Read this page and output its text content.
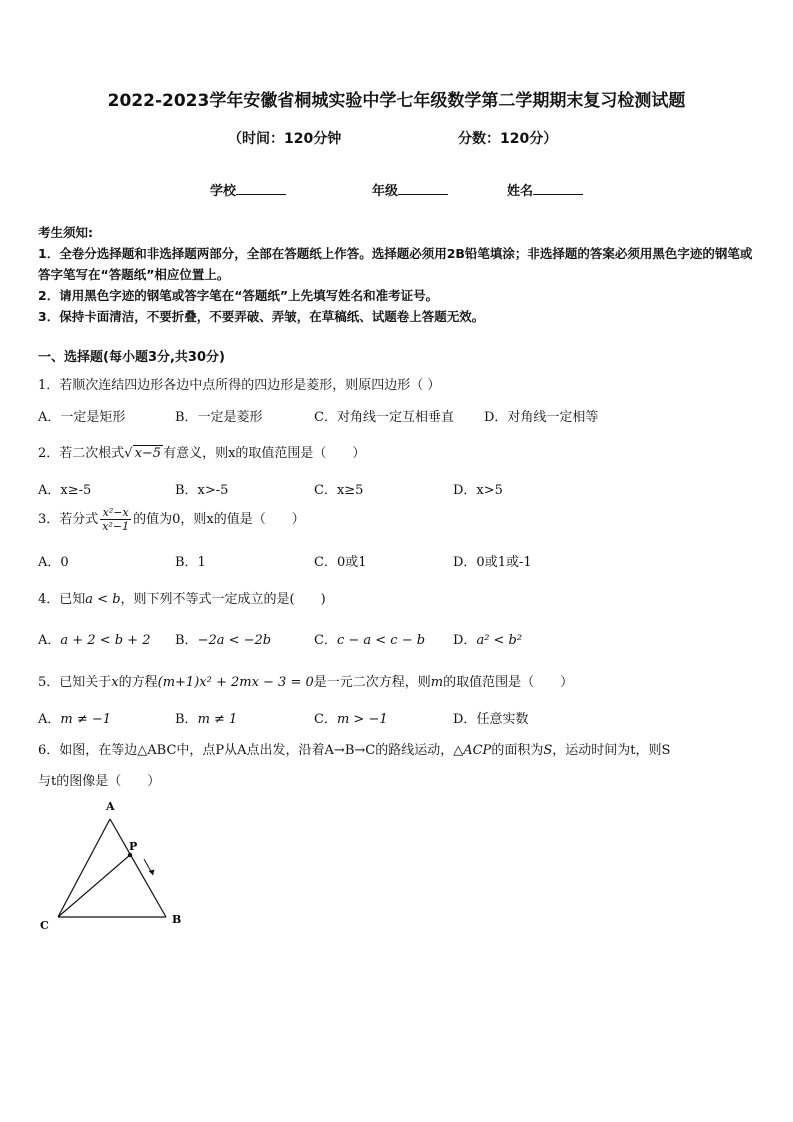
2022-2023学年安徽省桐城实验中学七年级数学第二学期期末复习检测试题
（时间：120分钟	分数：120分）
学校	年级	姓名
考生须知:
1．全卷分选择题和非选择题两部分，全部在答题纸上作答。选择题必须用2B铅笔填涂；非选择题的答案必须用黑色字迹的钢笔或答字笔写在“答题纸”相应位置上。
2．请用黑色字迹的钢笔或答字笔在“答题纸”上先填写姓名和准考证号。
3．保持卡面清洁，不要折叠，不要弄破、弄皱，在草稿纸、试题卷上答题无效。
一、选择题(每小题3分,共30分)
1．若顺次连结四边形各边中点所得的四边形是菱形，则原四边形（ ）
A．一定是矩形	B．一定是菱形	C．对角线一定互相垂直 D．对角线一定相等
2．若二次根式√ x−5 有意义，则x的取值范围是（　　）
A．x≥-5	B．x>-5	C．x≥5	D．x>5
3．若分式 $\frac{\text{x²−x}}{\text{x²−1}}$ 的值为0，则x的值是（　　）
A．0	B．1	C．0或1	D．0或1或-1
4．已知a < b，则下列不等式一定成立的是(　　)
A．a + 2 < b + 2 B．−2a < −2b	C．c − a < c − b D．a² < b²
5．已知关于x的方程(m+1)x² + 2mx − 3 = 0是一元二次方程，则m的取值范围是（　　）
A．m ≠ −1	B．m ≠ 1	C．m > −1	D．任意实数
6．如图，在等边△ABC中，点P从A点出发，沿着A→B→C的路线运动，△ACP的面积为S，运动时间为t，则S
与t的图像是（　　）
A
B
C
P
